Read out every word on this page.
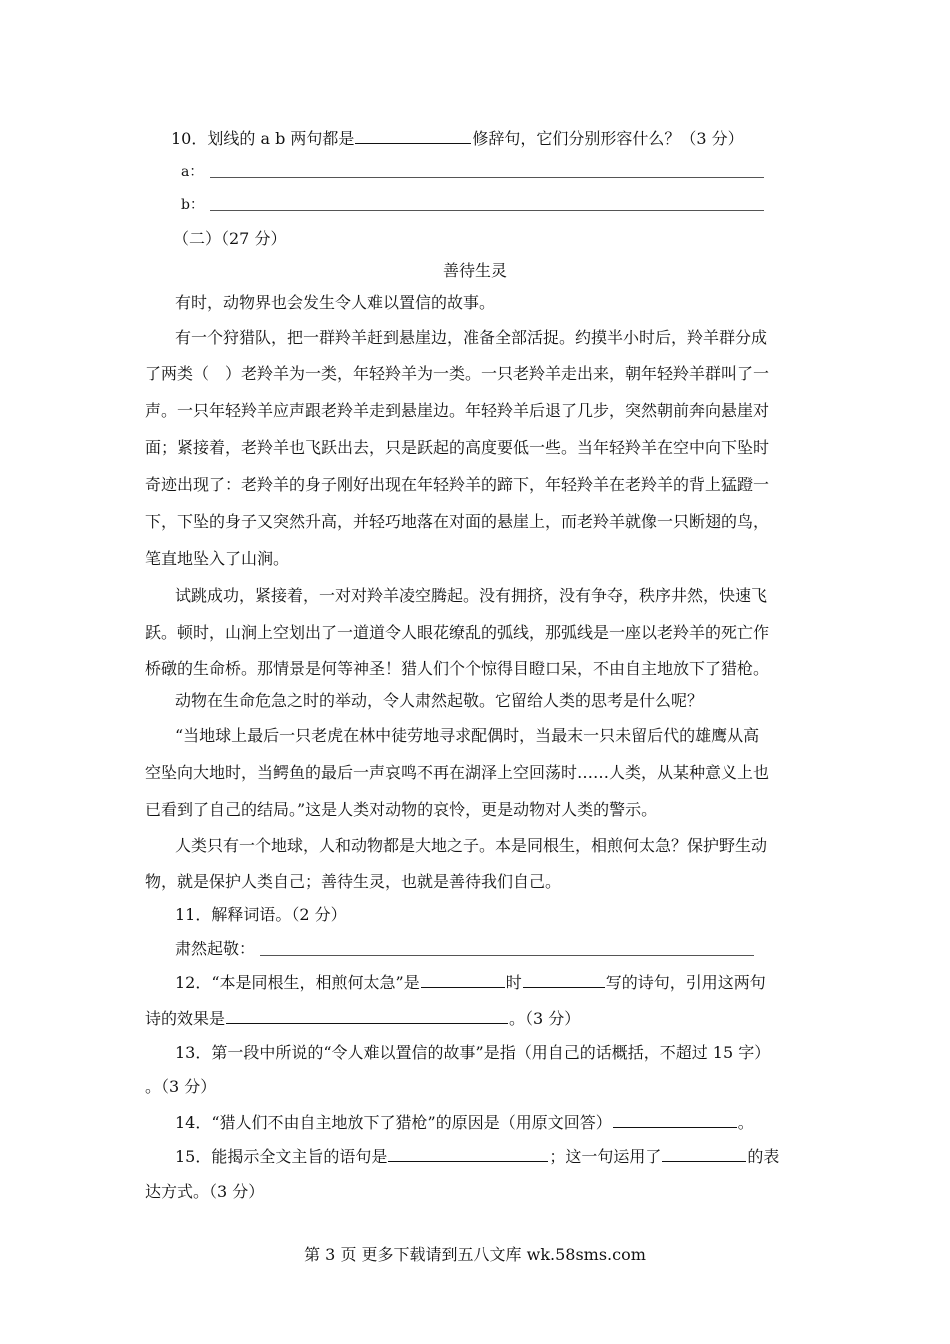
10．划线的 a b 两句都是	修辞句，它们分别形容什么？（3 分）
a：
b：
（二）（27 分）
善待生灵
有时，动物界也会发生令人难以置信的故事。
有一个狩猎队，把一群羚羊赶到悬崖边，准备全部活捉。约摸半小时后，羚羊群分成
了两类（　）老羚羊为一类，年轻羚羊为一类。一只老羚羊走出来，朝年轻羚羊群叫了一
声。一只年轻羚羊应声跟老羚羊走到悬崖边。年轻羚羊后退了几步，突然朝前奔向悬崖对
面；紧接着，老羚羊也飞跃出去，只是跃起的高度要低一些。当年轻羚羊在空中向下坠时
奇迹出现了：老羚羊的身子刚好出现在年轻羚羊的蹄下，年轻羚羊在老羚羊的背上猛蹬一
下，下坠的身子又突然升高，并轻巧地落在对面的悬崖上，而老羚羊就像一只断翅的鸟，
笔直地坠入了山涧。
试跳成功，紧接着，一对对羚羊凌空腾起。没有拥挤，没有争夺，秩序井然，快速飞
跃。顿时，山涧上空划出了一道道令人眼花缭乱的弧线，那弧线是一座以老羚羊的死亡作
桥礅的生命桥。那情景是何等神圣！猎人们个个惊得目瞪口呆，不由自主地放下了猎枪。
动物在生命危急之时的举动，令人肃然起敬。它留给人类的思考是什么呢？
“当地球上最后一只老虎在林中徒劳地寻求配偶时，当最末一只未留后代的雄鹰从高
空坠向大地时，当鳄鱼的最后一声哀鸣不再在湖泽上空回荡时……人类，从某种意义上也
已看到了自己的结局。”这是人类对动物的哀怜，更是动物对人类的警示。
人类只有一个地球，人和动物都是大地之子。本是同根生，相煎何太急？保护野生动
物，就是保护人类自己；善待生灵，也就是善待我们自己。
11．解释词语。（2 分）
肃然起敬：
12．“本是同根生，相煎何太急”是	时	写的诗句，引用这两句
诗的效果是	。（3 分）
13．第一段中所说的“令人难以置信的故事”是指（用自己的话概括，不超过 15 字）
。（3 分）
14．“猎人们不由自主地放下了猎枪”的原因是（用原文回答）	。
15．能揭示全文主旨的语句是	；这一句运用了	的表
达方式。（3 分）
第 3 页 更多下载请到五八文库 wk.58sms.com
